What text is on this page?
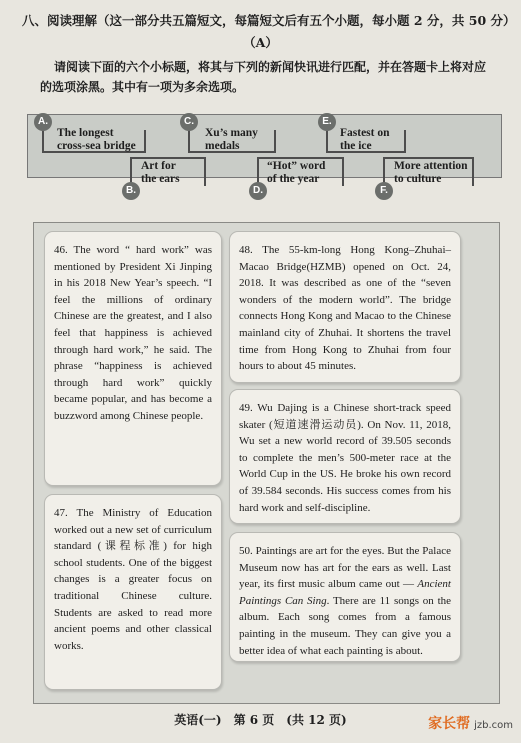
八、阅读理解（这一部分共五篇短文，每篇短文后有五个小题，每小题 2 分，共 50 分）
（A）
请阅读下面的六个小标题，将其与下列的新闻快讯进行匹配，并在答题卡上将对应
的选项涂黑。其中有一项为多余选项。
A.
The longest
cross-sea bridge
C.
Xu’s many
medals
E.
Fastest on
the ice
Art for
the ears
B.
“Hot” word
of the year
D.
More attention
to culture
F.
46. The word “ hard work” was mentioned by President Xi Jinping in his 2018 New Year’s speech. “I feel the millions of ordinary Chinese are the greatest, and I also feel that happiness is achieved through hard work,” he said. The phrase “happiness is achieved through hard work” quickly became popular, and has become a buzzword among Chinese people.
47. The Ministry of Education worked out a new set of curriculum standard (课程标准) for high school students. One of the biggest changes is a greater focus on traditional Chinese culture. Students are asked to read more ancient poems and other classical works.
48. The 55-km-long Hong Kong–Zhuhai–Macao Bridge(HZMB) opened on Oct. 24, 2018. It was described as one of the “seven wonders of the modern world”. The bridge connects Hong Kong and Macao to the Chinese mainland city of Zhuhai. It shortens the travel time from Hong Kong to Zhuhai from four hours to about 45 minutes.
49. Wu Dajing is a Chinese short-track speed skater (短道速滑运动员). On Nov. 11, 2018, Wu set a new world record of 39.505 seconds to complete the men’s 500-meter race at the World Cup in the US. He broke his own record of 39.584 seconds. His success comes from his hard work and self-discipline.
50. Paintings are art for the eyes. But the Palace Museum now has art for the ears as well. Last year, its first music album came out — Ancient Paintings Can Sing. There are 11 songs on the album. Each song comes from a famous painting in the museum. They can give you a better idea of what each painting is about.
英语(一)　第 6 页　(共 12 页)	家长帮 jzb.com
